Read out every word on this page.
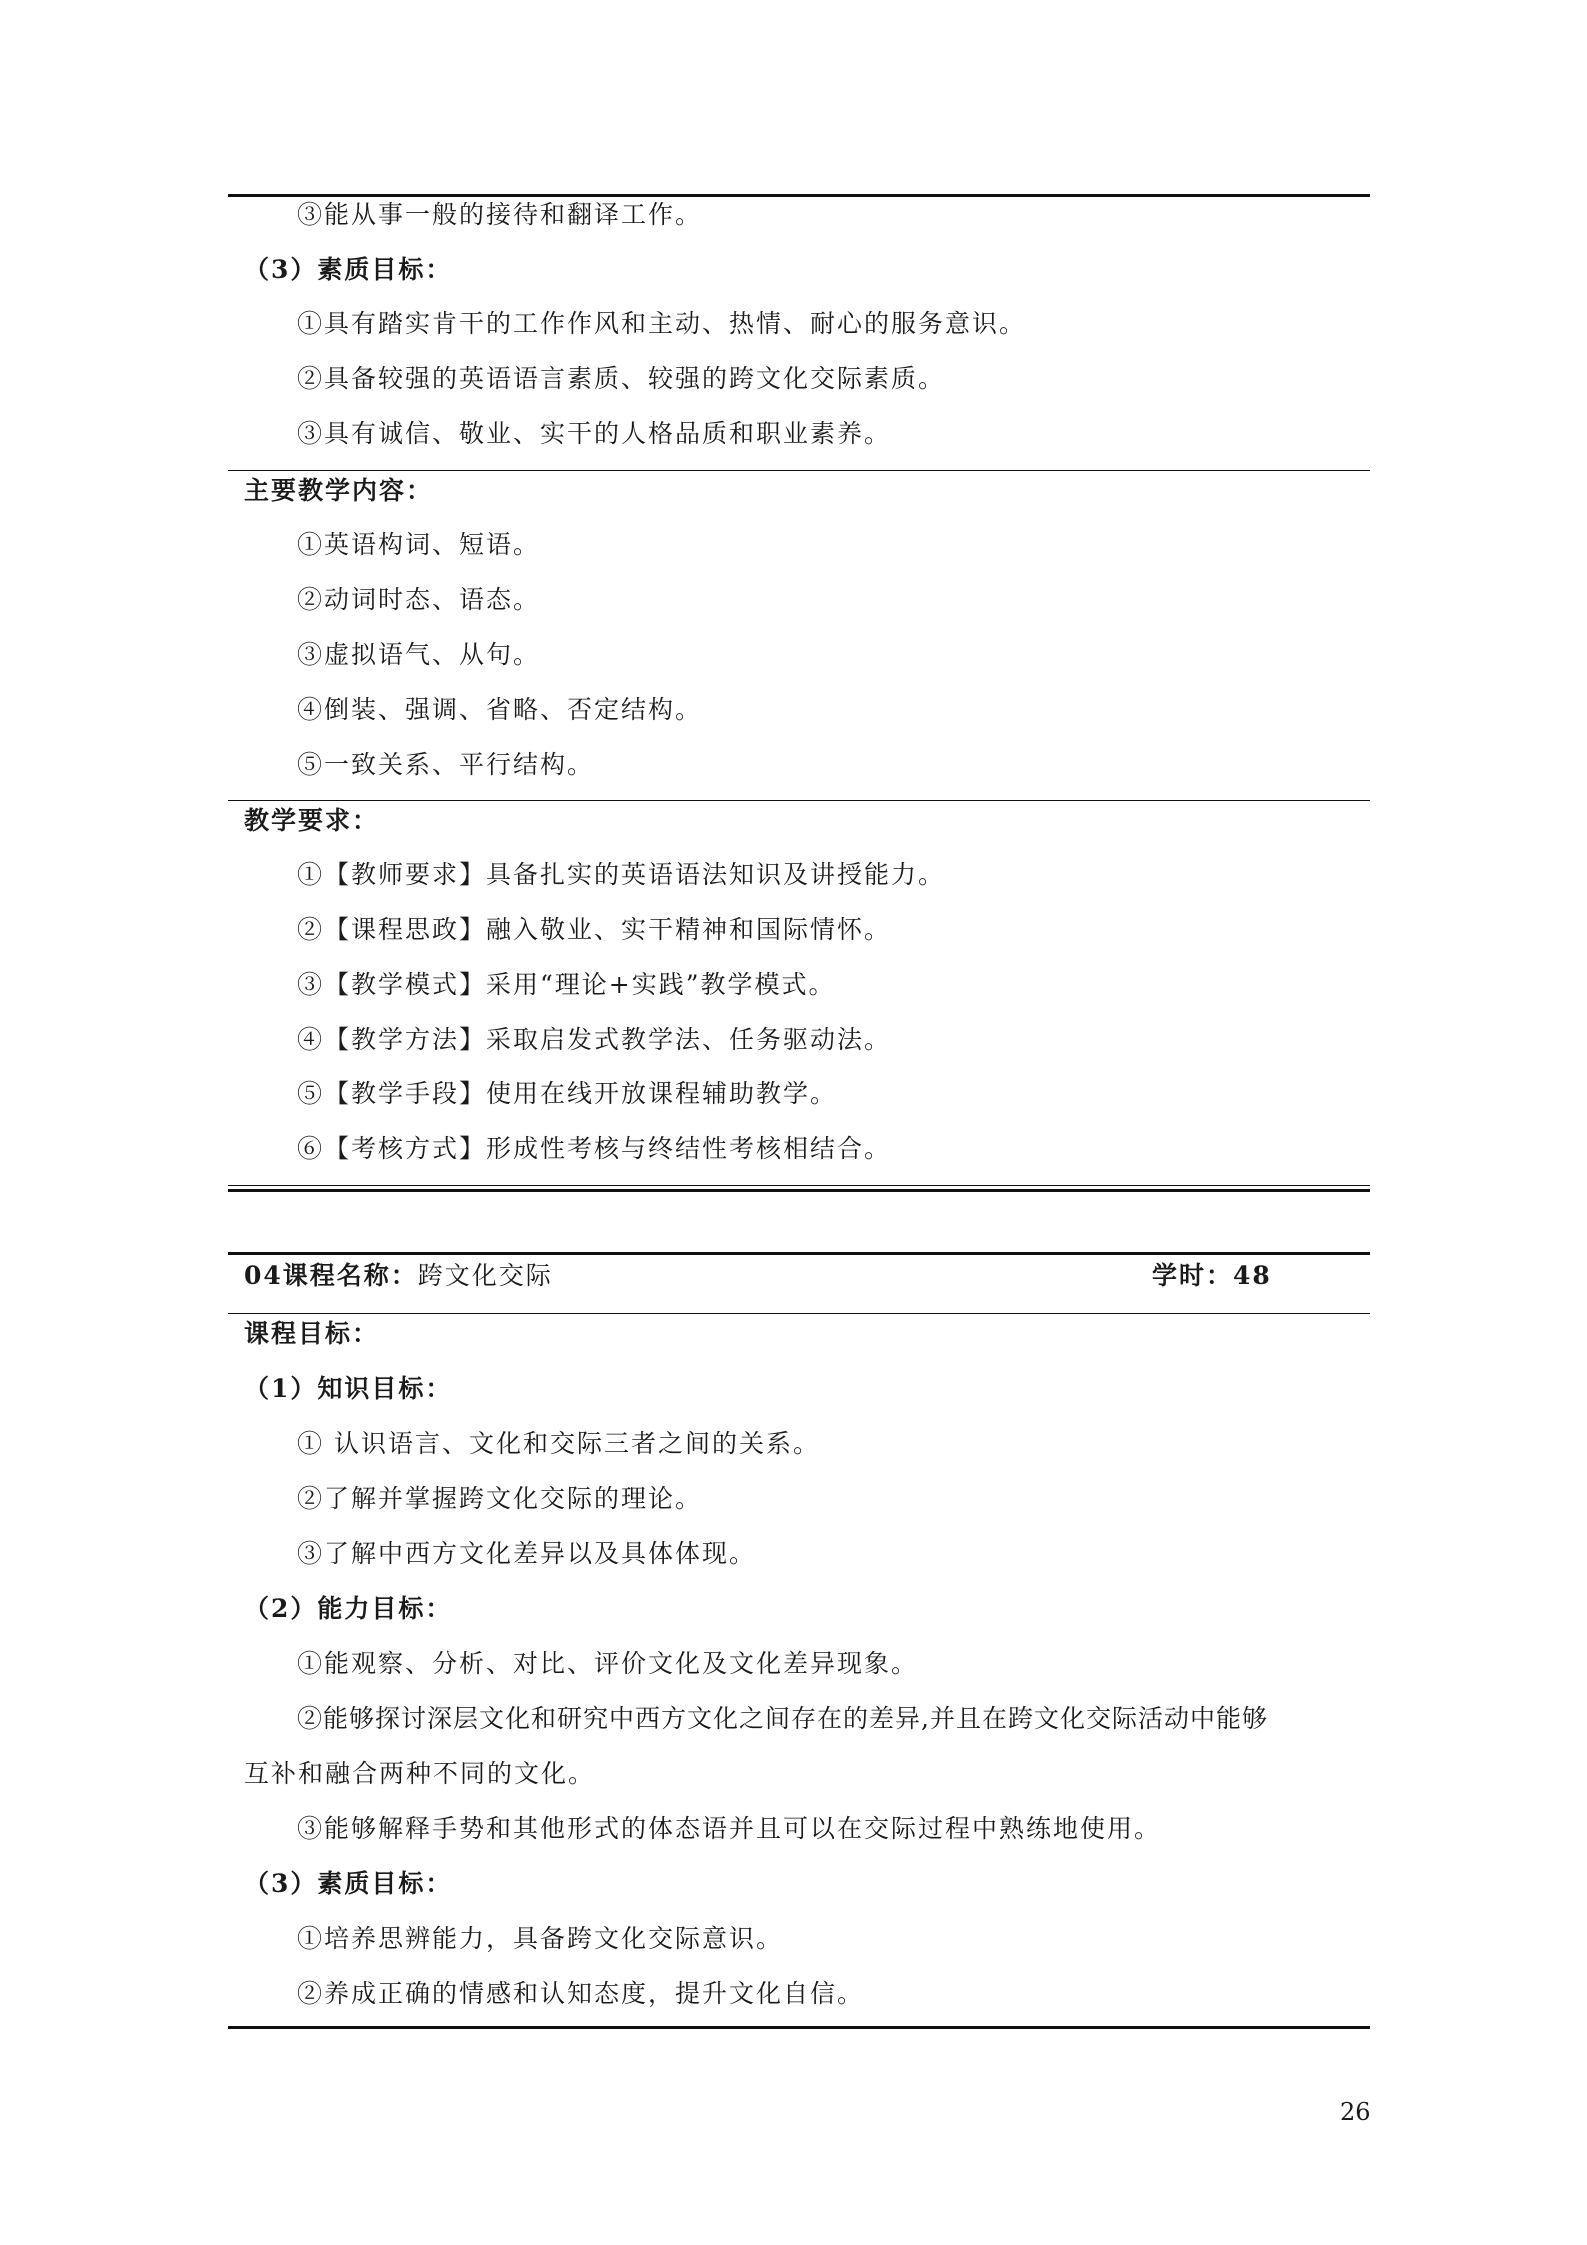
③能从事一般的接待和翻译工作。
（3）素质目标：
①具有踏实肯干的工作作风和主动、热情、耐心的服务意识。
②具备较强的英语语言素质、较强的跨文化交际素质。
③具有诚信、敬业、实干的人格品质和职业素养。
主要教学内容：
①英语构词、短语。
②动词时态、语态。
③虚拟语气、从句。
④倒装、强调、省略、否定结构。
⑤一致关系、平行结构。
教学要求：
①【教师要求】具备扎实的英语语法知识及讲授能力。
②【课程思政】融入敬业、实干精神和国际情怀。
③【教学模式】采用“理论+实践”教学模式。
④【教学方法】采取启发式教学法、任务驱动法。
⑤【教学手段】使用在线开放课程辅助教学。
⑥【考核方式】形成性考核与终结性考核相结合。
04课程名称：跨文化交际	学时：48
课程目标：
（1）知识目标：
① 认识语言、文化和交际三者之间的关系。
②了解并掌握跨文化交际的理论。
③了解中西方文化差异以及具体体现。
（2）能力目标：
①能观察、分析、对比、评价文化及文化差异现象。
②能够探讨深层文化和研究中西方文化之间存在的差异,并且在跨文化交际活动中能够
互补和融合两种不同的文化。
③能够解释手势和其他形式的体态语并且可以在交际过程中熟练地使用。
（3）素质目标：
①培养思辨能力，具备跨文化交际意识。
②养成正确的情感和认知态度，提升文化自信。
26
